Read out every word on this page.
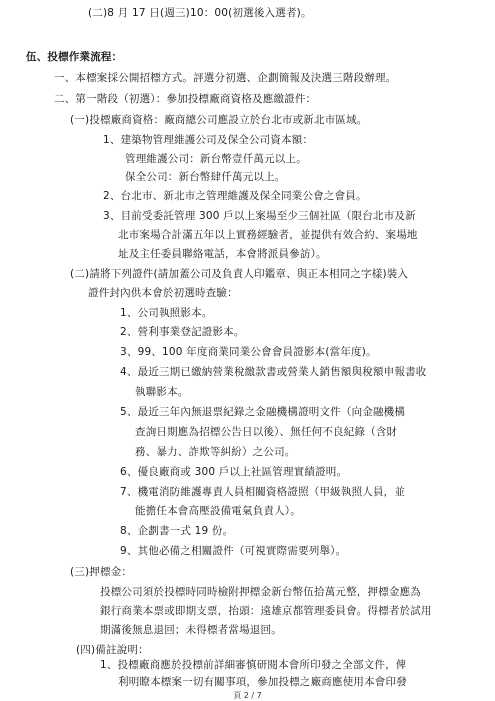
(二)8 月 17 日(週三)10：00(初選後入選者)。
伍、投標作業流程：
一、本標案採公開招標方式。評選分初選、企劃簡報及決選三階段辦理。
二、第一階段（初選）：參加投標廠商資格及應繳證件：
(一)投標廠商資格：廠商總公司應設立於台北市或新北市區域。
1、建築物管理維護公司及保全公司資本額：
管理維護公司：新台幣壹仟萬元以上。
保全公司：新台幣肆仟萬元以上。
2、台北市、新北市之管理維護及保全同業公會之會員。
3、目前受委託管理 300 戶以上案場至少三個社區（限台北市及新
北市案場合計滿五年以上實務經驗者，並提供有效合約、案場地
址及主任委員聯絡電話，本會將派員參訪）。
(二)請將下列證件(請加蓋公司及負責人印鑑章、與正本相同之字樣)裝入
證件封內供本會於初選時查驗：
1、公司執照影本。
2、營利事業登記證影本。
3、99、100 年度商業同業公會會員證影本(當年度)。
4、最近三期已繳納營業稅繳款書或營業人銷售額與稅額申報書收
執聯影本。
5、最近三年內無退票紀錄之金融機構證明文件（向金融機構
查詢日期應為招標公告日以後）、無任何不良紀錄（含財
務、暴力、詐欺等糾紛）之公司。
6、優良廠商或 300 戶以上社區管理實績證明。
7、機電消防維護專責人員相關資格證照（甲級執照人員，並
能擔任本會高壓設備電氣負責人）。
8、企劃書一式 19 份。
9、其他必備之相關證件（可視實際需要列舉）。
(三)押標金：
投標公司須於投標時同時檢附押標金新台幣伍拾萬元整，押標金應為
銀行商業本票或即期支票，抬頭：遠雄京都管理委員會。得標者於試用
期滿後無息退回；未得標者當場退回。
(四)備註說明：
1、投標廠商應於投標前詳細審慎研閱本會所印發之全部文件，俾
利明瞭本標案一切有關事項，參加投標之廠商應使用本會印發
頁 2 / 7
